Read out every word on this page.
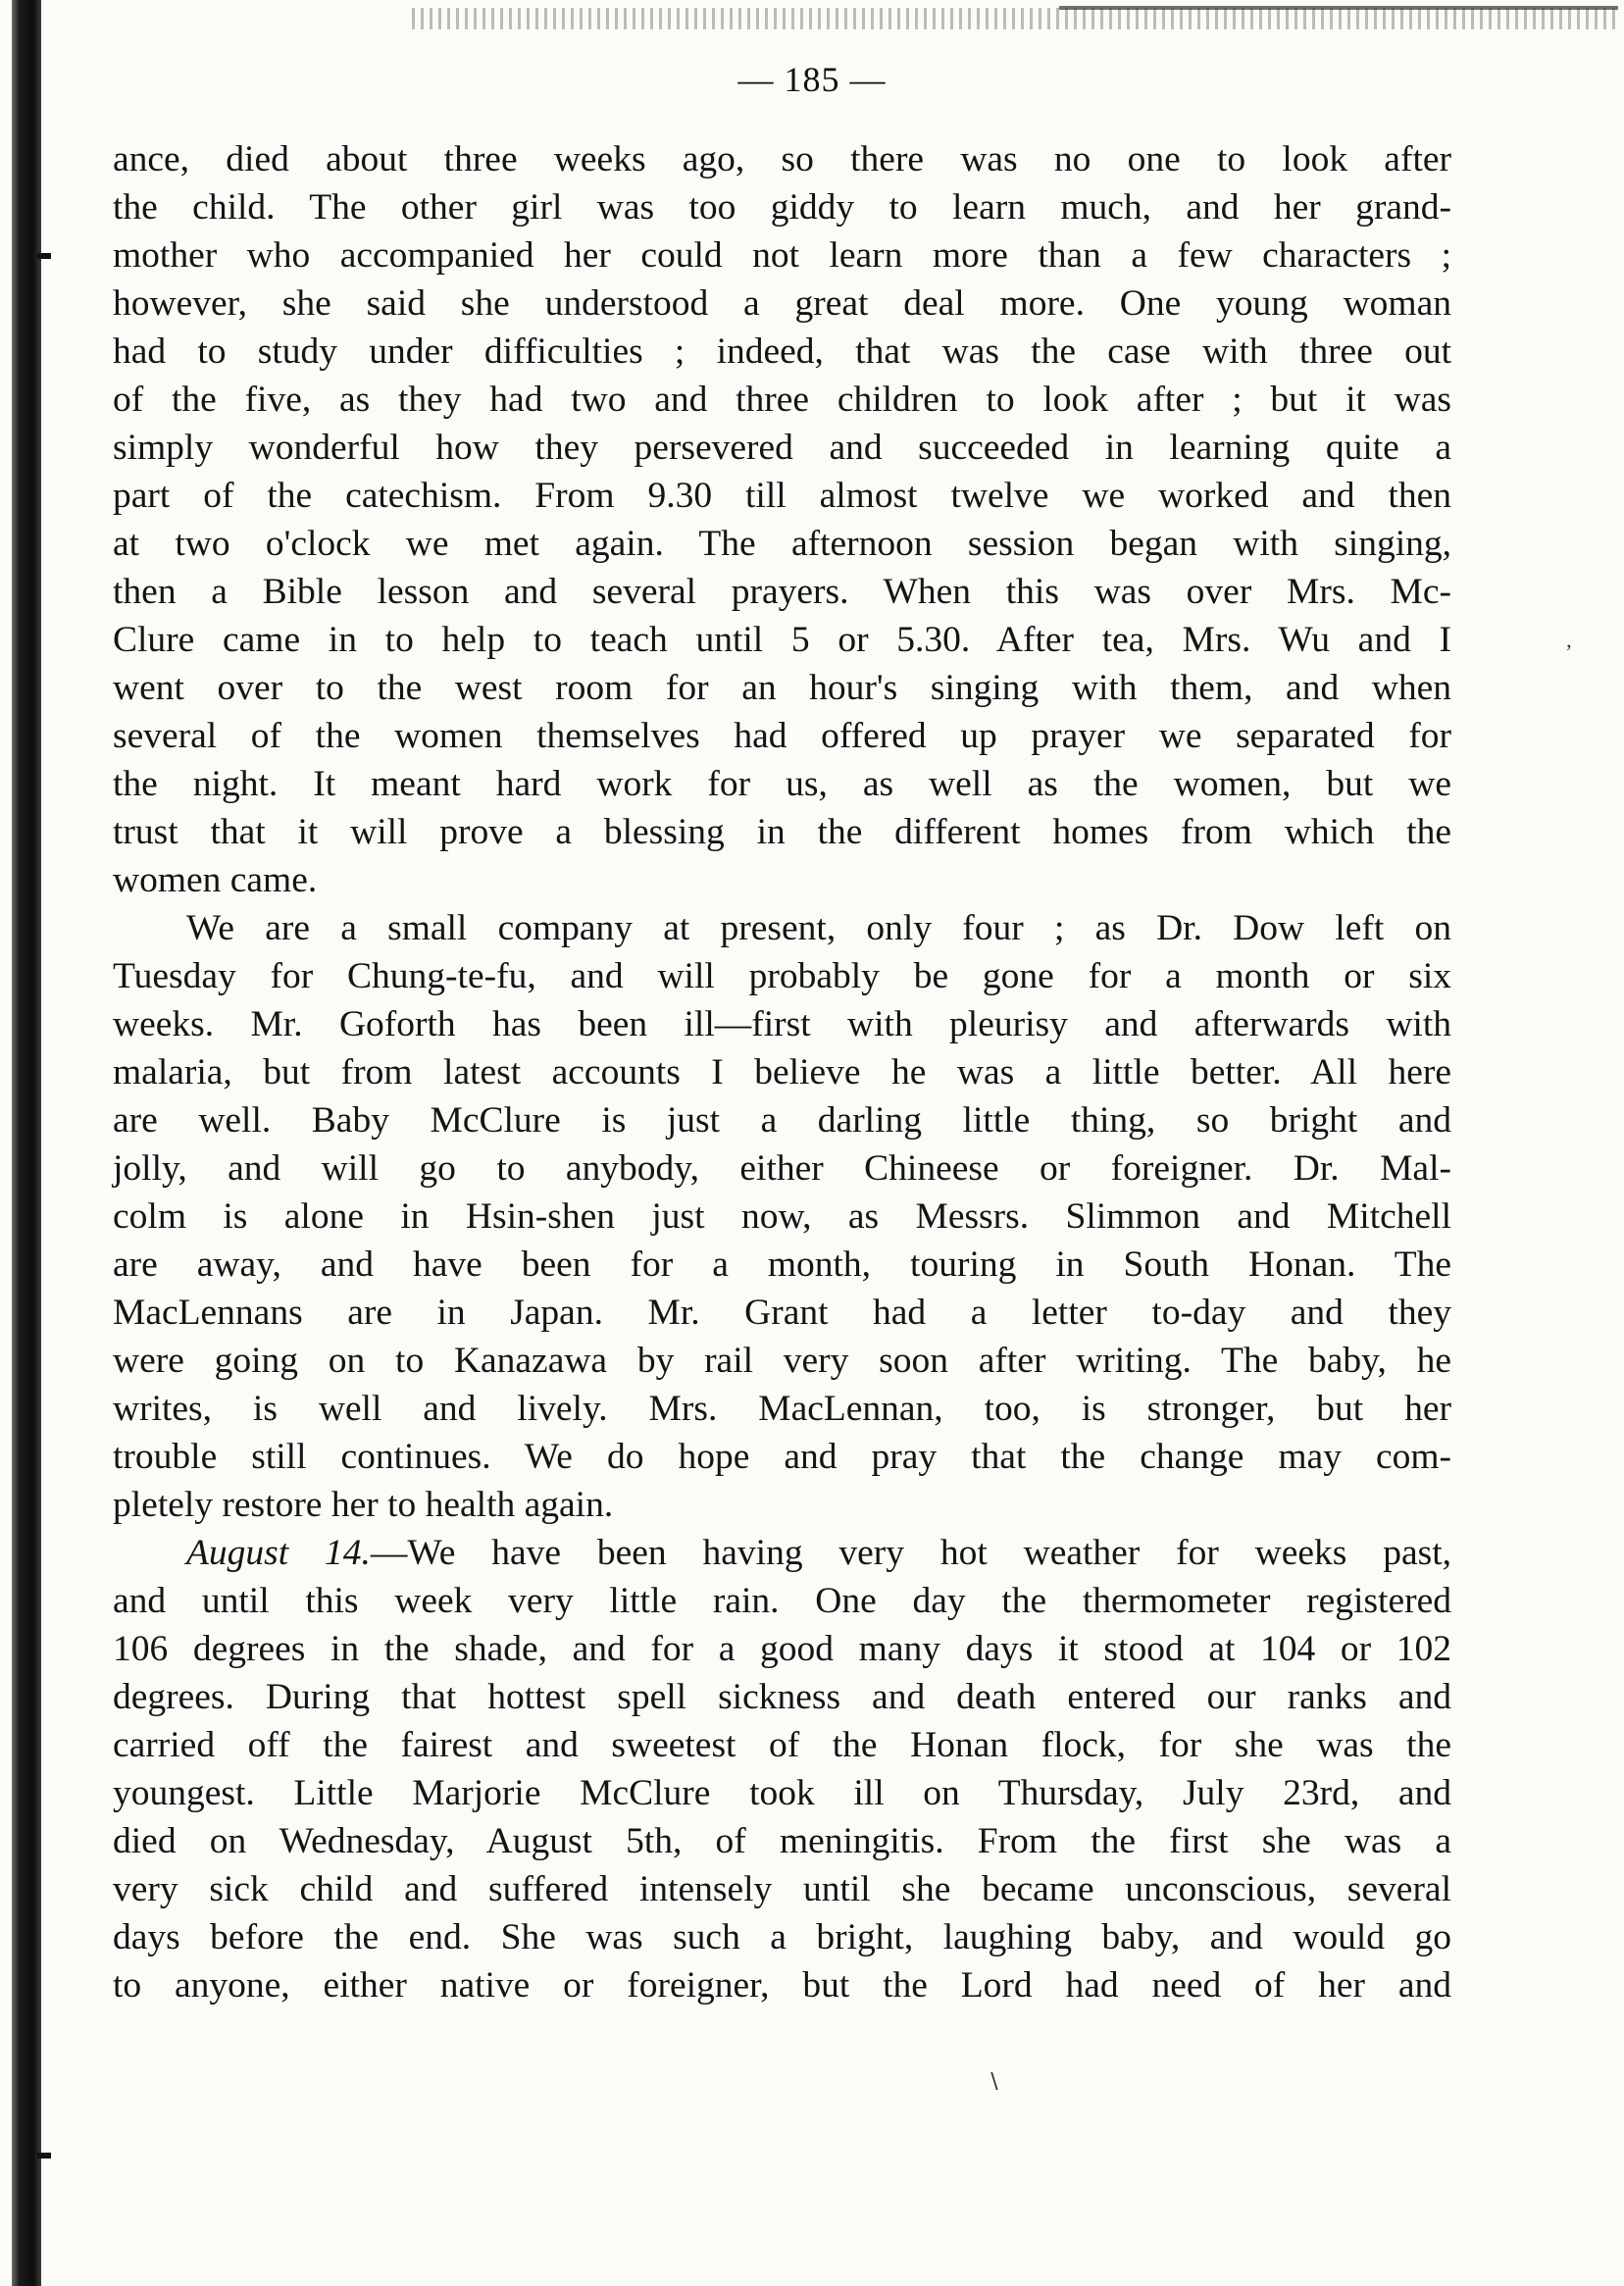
— 185 —
ance, died about three weeks ago, so there was no one to look after
the child. The other girl was too giddy to learn much, and her grand-
mother who accompanied her could not learn more than a few characters ;
however, she said she understood a great deal more. One young woman
had to study under difficulties ; indeed, that was the case with three out
of the five, as they had two and three children to look after ; but it was
simply wonderful how they persevered and succeeded in learning quite a
part of the catechism. From 9.30 till almost twelve we worked and then
at two o'clock we met again. The afternoon session began with singing,
then a Bible lesson and several prayers. When this was over Mrs. Mc-
Clure came in to help to teach until 5 or 5.30. After tea, Mrs. Wu and I
went over to the west room for an hour's singing with them, and when
several of the women themselves had offered up prayer we separated for
the night. It meant hard work for us, as well as the women, but we
trust that it will prove a blessing in the different homes from which the
women came.
We are a small company at present, only four ; as Dr. Dow left on
Tuesday for Chung-te-fu, and will probably be gone for a month or six
weeks. Mr. Goforth has been ill—first with pleurisy and afterwards with
malaria, but from latest accounts I believe he was a little better. All here
are well. Baby McClure is just a darling little thing, so bright and
jolly, and will go to anybody, either Chineese or foreigner. Dr. Mal-
colm is alone in Hsin-shen just now, as Messrs. Slimmon and Mitchell
are away, and have been for a month, touring in South Honan. The
MacLennans are in Japan. Mr. Grant had a letter to-day and they
were going on to Kanazawa by rail very soon after writing. The baby, he
writes, is well and lively. Mrs. MacLennan, too, is stronger, but her
trouble still continues. We do hope and pray that the change may com-
pletely restore her to health again.
August 14.—We have been having very hot weather for weeks past,
and until this week very little rain. One day the thermometer registered
106 degrees in the shade, and for a good many days it stood at 104 or 102
degrees. During that hottest spell sickness and death entered our ranks and
carried off the fairest and sweetest of the Honan flock, for she was the
youngest. Little Marjorie McClure took ill on Thursday, July 23rd, and
died on Wednesday, August 5th, of meningitis. From the first she was a
very sick child and suffered intensely until she became unconscious, several
days before the end. She was such a bright, laughing baby, and would go
to anyone, either native or foreigner, but the Lord had need of her and
’
∖
